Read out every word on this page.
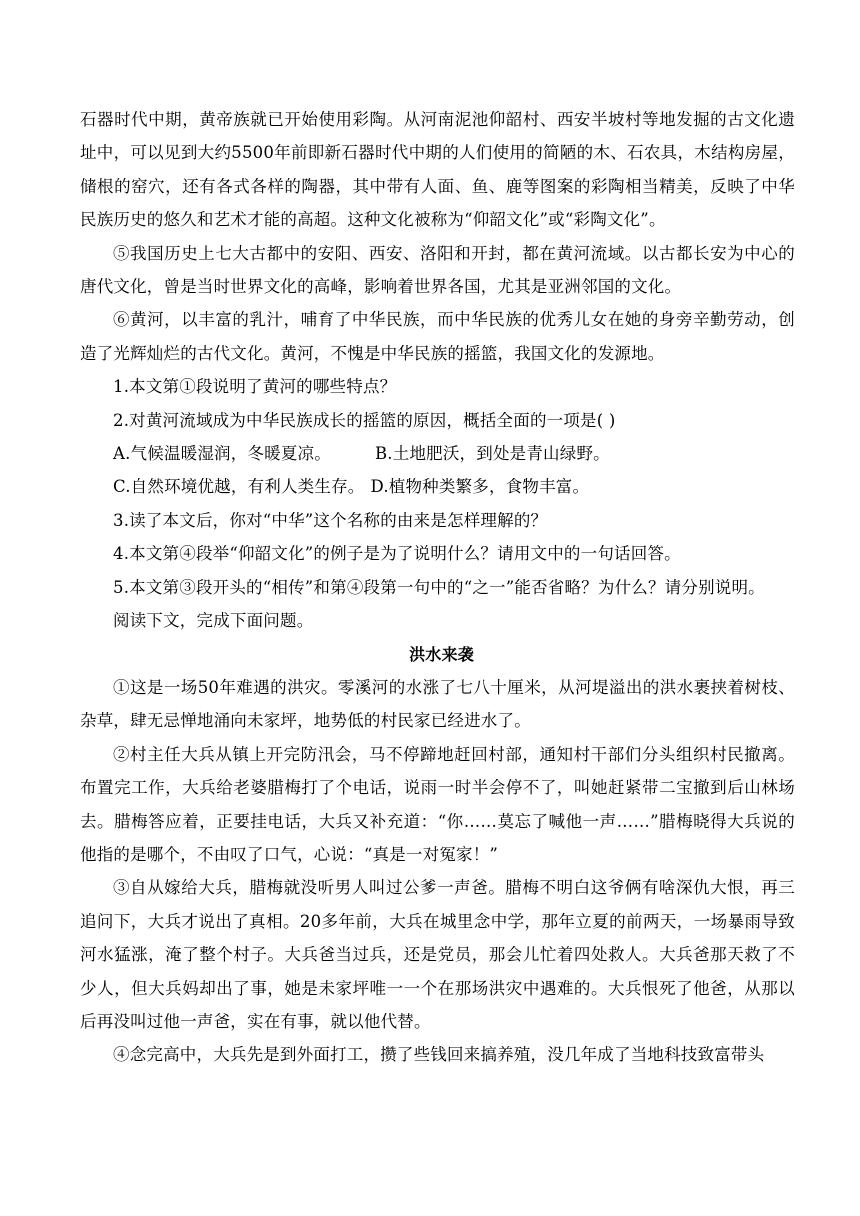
石器时代中期，黄帝族就已开始使用彩陶。从河南泥池仰韶村、西安半坡村等地发掘的古文化遗址中，可以见到大约5500年前即新石器时代中期的人们使用的简陋的木、石农具，木结构房屋，储根的窑穴，还有各式各样的陶器，其中带有人面、鱼、鹿等图案的彩陶相当精美，反映了中华民族历史的悠久和艺术才能的高超。这种文化被称为“仰韶文化”或“彩陶文化”。

⑤我国历史上七大古都中的安阳、西安、洛阳和开封，都在黄河流域。以古都长安为中心的唐代文化，曾是当时世界文化的高峰，影响着世界各国，尤其是亚洲邻国的文化。

⑥黄河，以丰富的乳汁，哺育了中华民族，而中华民族的优秀儿女在她的身旁辛勤劳动，创造了光辉灿烂的古代文化。黄河，不愧是中华民族的摇篮，我国文化的发源地。

1.本文第①段说明了黄河的哪些特点？

2.对黄河流域成为中华民族成长的摇篮的原因，概括全面的一项是( )

A.气候温暖湿润，冬暖夏凉。	B.土地肥沃，到处是青山绿野。

C.自然环境优越，有利人类生存。 D.植物种类繁多，食物丰富。

3.读了本文后，你对“中华”这个名称的由来是怎样理解的？

4.本文第④段举“仰韶文化”的例子是为了说明什么？请用文中的一句话回答。

5.本文第③段开头的“相传”和第④段第一句中的“之一”能否省略？为什么？请分别说明。

阅读下文，完成下面问题。

洪水来袭

①这是一场50年难遇的洪灾。零溪河的水涨了七八十厘米，从河堤溢出的洪水裹挟着树枝、杂草，肆无忌惮地涌向未家坪，地势低的村民家已经进水了。

②村主任大兵从镇上开完防汛会，马不停蹄地赶回村部，通知村干部们分头组织村民撤离。布置完工作，大兵给老婆腊梅打了个电话，说雨一时半会停不了，叫她赶紧带二宝撤到后山林场去。腊梅答应着，正要挂电话，大兵又补充道：“你……莫忘了喊他一声……”腊梅晓得大兵说的他指的是哪个，不由叹了口气，心说：“真是一对冤家！”

③自从嫁给大兵，腊梅就没听男人叫过公爹一声爸。腊梅不明白这爷俩有啥深仇大恨，再三追问下，大兵才说出了真相。20多年前，大兵在城里念中学，那年立夏的前两天，一场暴雨导致河水猛涨，淹了整个村子。大兵爸当过兵，还是党员，那会儿忙着四处救人。大兵爸那天救了不少人，但大兵妈却出了事，她是未家坪唯一一个在那场洪灾中遇难的。大兵恨死了他爸，从那以后再没叫过他一声爸，实在有事，就以他代替。

④念完高中，大兵先是到外面打工，攒了些钱回来搞养殖，没几年成了当地科技致富带头
